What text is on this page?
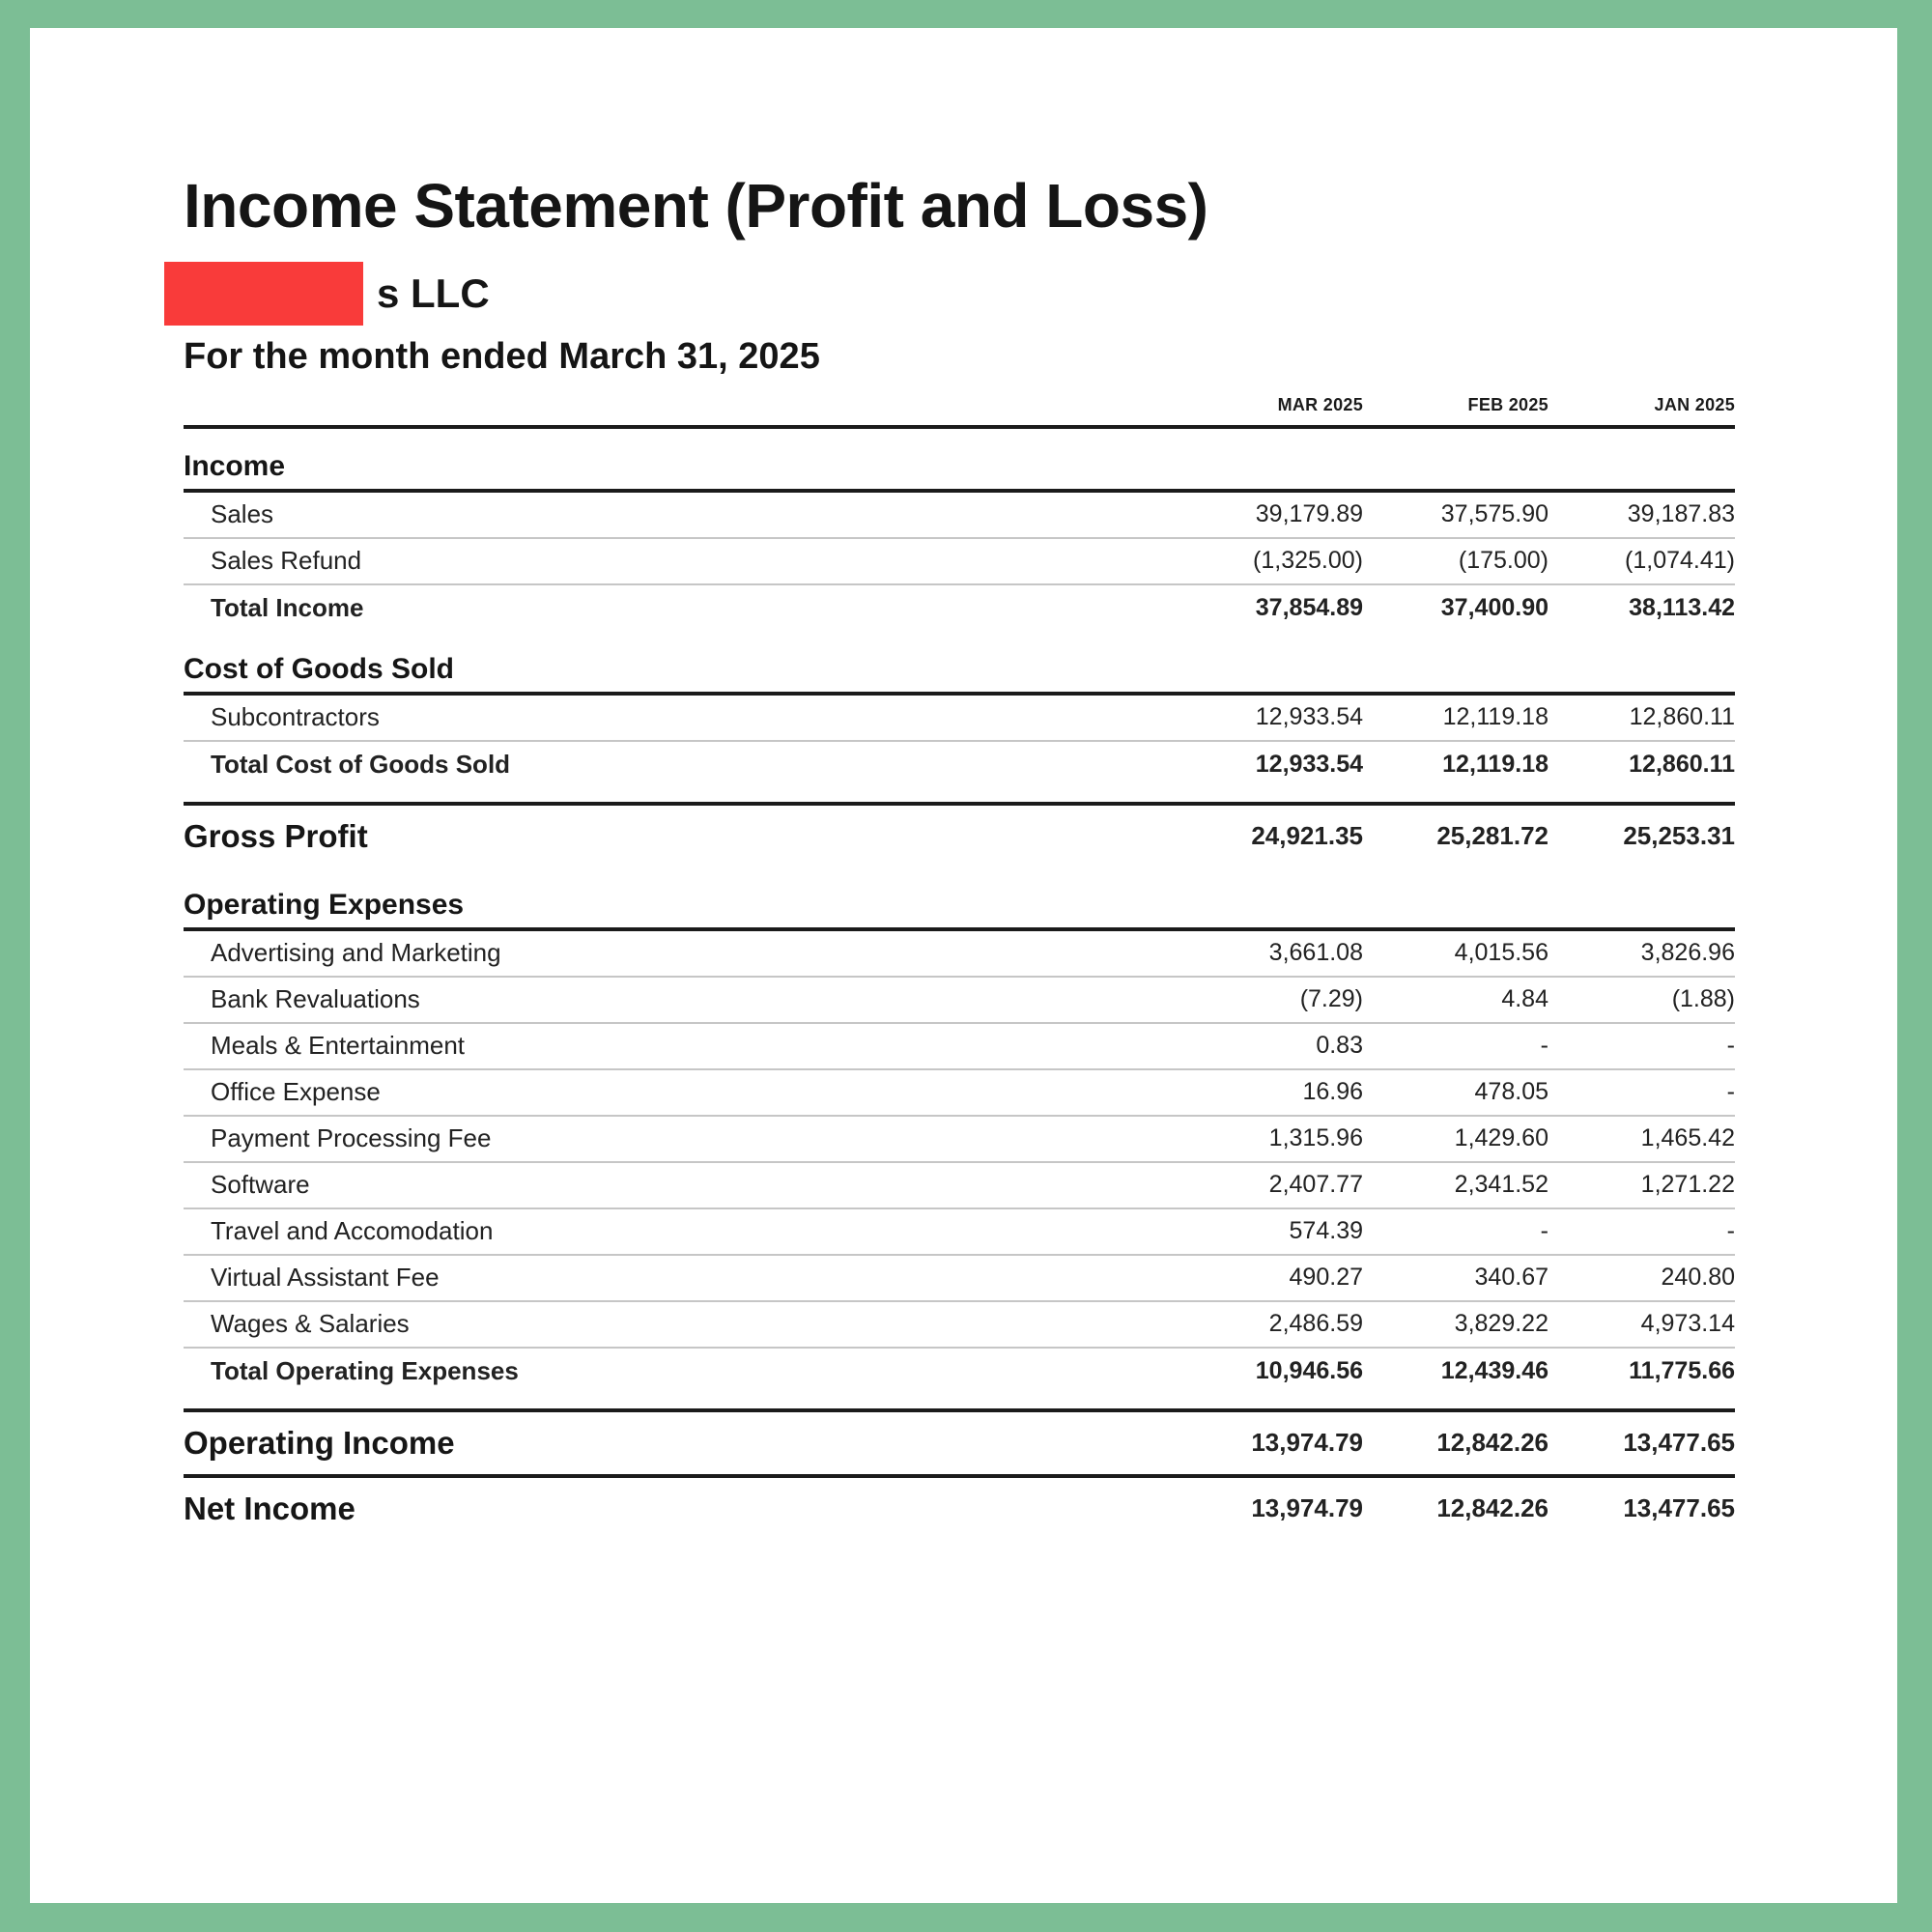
Income Statement (Profit and Loss)
s LLC
For the month ended March 31, 2025
MAR 2025	FEB 2025	JAN 2025
Income
Sales	39,179.89	37,575.90	39,187.83
Sales Refund	(1,325.00)	(175.00)	(1,074.41)
Total Income	37,854.89	37,400.90	38,113.42
Cost of Goods Sold
Subcontractors	12,933.54	12,119.18	12,860.11
Total Cost of Goods Sold	12,933.54	12,119.18	12,860.11
Gross Profit	24,921.35	25,281.72	25,253.31
Operating Expenses
Advertising and Marketing	3,661.08	4,015.56	3,826.96
Bank Revaluations	(7.29)	4.84	(1.88)
Meals & Entertainment	0.83	-	-
Office Expense	16.96	478.05	-
Payment Processing Fee	1,315.96	1,429.60	1,465.42
Software	2,407.77	2,341.52	1,271.22
Travel and Accomodation	574.39	-	-
Virtual Assistant Fee	490.27	340.67	240.80
Wages & Salaries	2,486.59	3,829.22	4,973.14
Total Operating Expenses	10,946.56	12,439.46	11,775.66
Operating Income	13,974.79	12,842.26	13,477.65
Net Income	13,974.79	12,842.26	13,477.65
